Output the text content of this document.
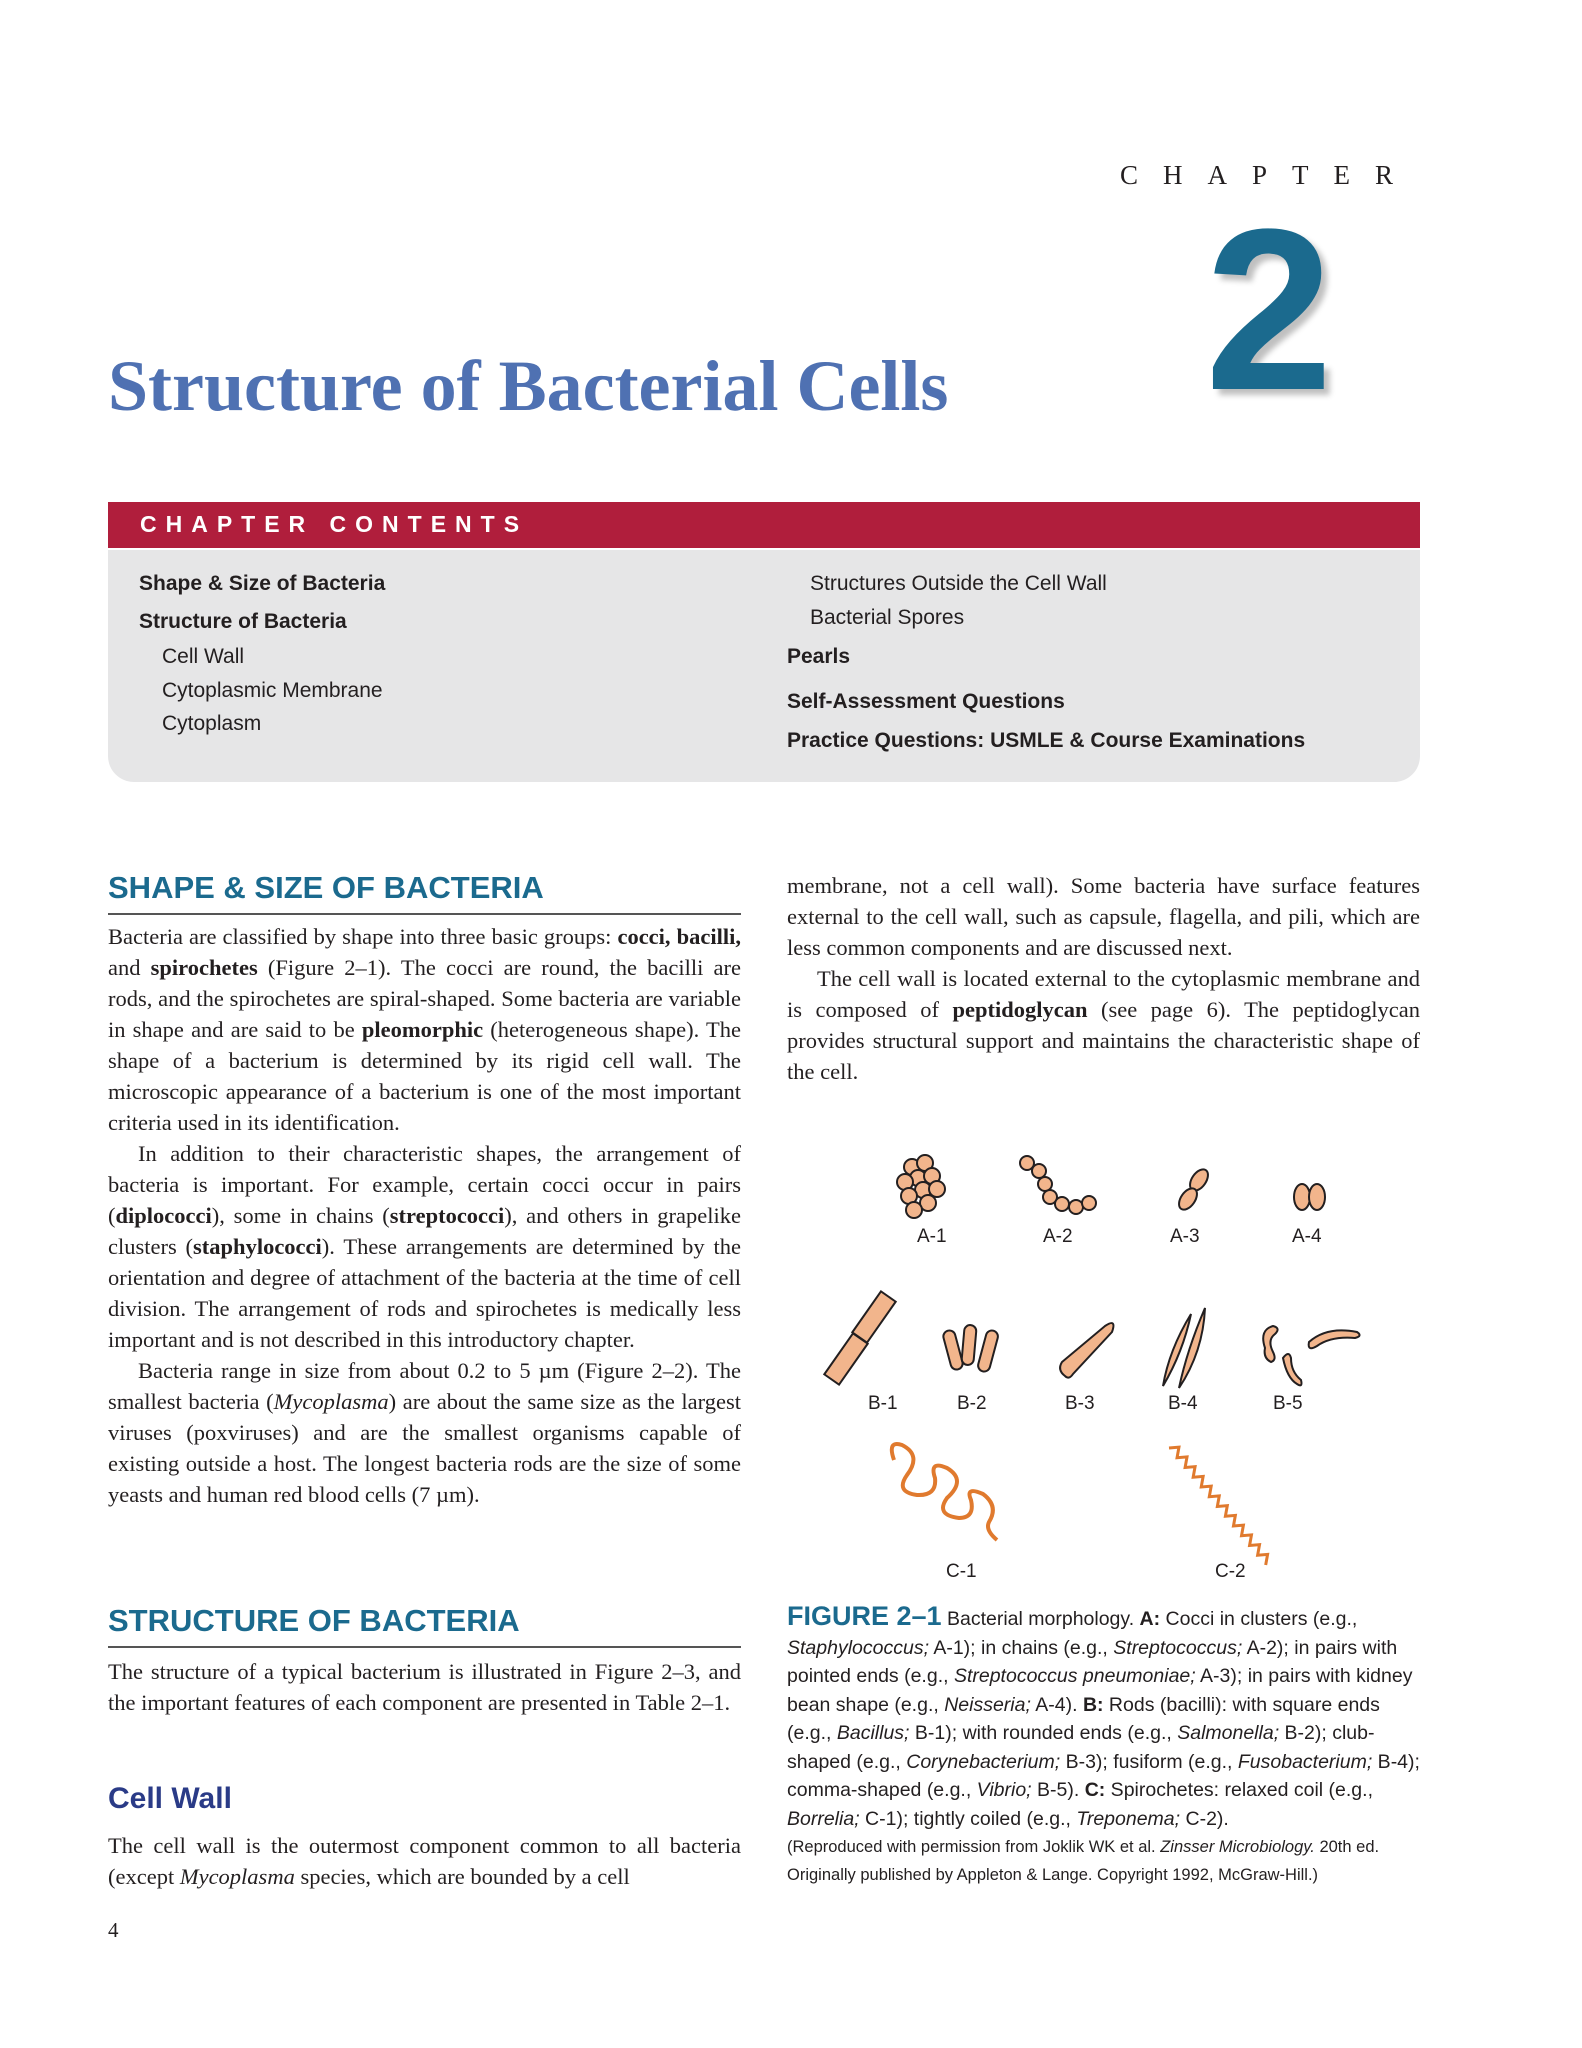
CHAPTER
2
Structure of Bacterial Cells
CHAPTER CONTENTS
Shape & Size of Bacteria
Structure of Bacteria
Cell Wall
Cytoplasmic Membrane
Cytoplasm
Structures Outside the Cell Wall
Bacterial Spores
Pearls
Self-Assessment Questions
Practice Questions: USMLE & Course Examinations
SHAPE & SIZE OF BACTERIA

Bacteria are classified by shape into three basic groups: cocci, bacilli, and spirochetes (Figure 2–1). The cocci are round, the bacilli are rods, and the spirochetes are spiral-shaped. Some bacteria are variable in shape and are said to be pleomorphic (heterogeneous shape). The shape of a bacterium is determined by its rigid cell wall. The microscopic appearance of a bacterium is one of the most important criteria used in its identification.

In addition to their characteristic shapes, the arrangement of bacteria is important. For example, certain cocci occur in pairs (diplococci), some in chains (streptococci), and others in grapelike clusters (staphylococci). These arrangements are determined by the orientation and degree of attachment of the bacteria at the time of cell division. The arrangement of rods and spirochetes is medically less important and is not described in this introductory chapter.

Bacteria range in size from about 0.2 to 5 µm (Figure 2–2). The smallest bacteria (Mycoplasma) are about the same size as the largest viruses (poxviruses) and are the smallest organisms capable of existing outside a host. The longest bacteria rods are the size of some yeasts and human red blood cells (7 µm).

STRUCTURE OF BACTERIA

The structure of a typical bacterium is illustrated in Figure 2–3, and the important features of each component are presented in Table 2–1.

Cell Wall

The cell wall is the outermost component common to all bacteria (except Mycoplasma species, which are bounded by a cell

membrane, not a cell wall). Some bacteria have surface features external to the cell wall, such as capsule, flagella, and pili, which are less common components and are discussed next.

The cell wall is located external to the cytoplasmic membrane and is composed of peptidoglycan (see page 6). The peptidoglycan provides structural support and maintains the characteristic shape of the cell.

A-1	A-2	A-3	A-4
B-1	B-2	B-3	B-4	B-5
C-1	C-2
FIGURE 2–1 Bacterial morphology. A: Cocci in clusters (e.g., Staphylococcus; A-1); in chains (e.g., Streptococcus; A-2); in pairs with pointed ends (e.g., Streptococcus pneumoniae; A-3); in pairs with kidney bean shape (e.g., Neisseria; A-4). B: Rods (bacilli): with square ends (e.g., Bacillus; B-1); with rounded ends (e.g., Salmonella; B-2); club-shaped (e.g., Corynebacterium; B-3); fusiform (e.g., Fusobacterium; B-4); comma-shaped (e.g., Vibrio; B-5). C: Spirochetes: relaxed coil (e.g., Borrelia; C-1); tightly coiled (e.g., Treponema; C-2).
(Reproduced with permission from Joklik WK et al. Zinsser Microbiology. 20th ed. Originally published by Appleton & Lange. Copyright 1992, McGraw-Hill.)
4
